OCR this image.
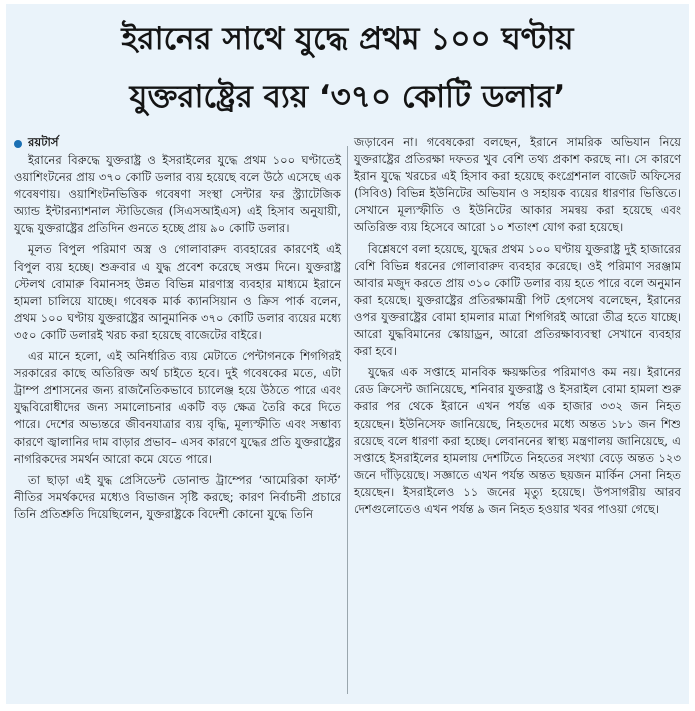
ইরানের সাথে যুদ্ধে প্রথম ১০০ ঘণ্টায়
যুক্তরাষ্ট্রের ব্যয় ‘৩৭০ কোটি ডলার’
রয়টার্স

ইরানের বিরুদ্ধে যুক্তরাষ্ট্র ও ইসরাইলের যুদ্ধে প্রথম ১০০ ঘণ্টাতেই ওয়াশিংটনের প্রায় ৩৭০ কোটি ডলার ব্যয় হয়েছে বলে উঠে এসেছে এক গবেষণায়। ওয়াশিংটনভিত্তিক গবেষণা সংস্থা সেন্টার ফর স্ট্র্যাটেজিক অ্যান্ড ইন্টারন্যাশনাল স্টাডিজের (সিএসআইএস) এই হিসাব অনুযায়ী, যুদ্ধে যুক্তরাষ্ট্রের প্রতিদিন গুনতে হচ্ছে প্রায় ৯০ কোটি ডলার।

মূলত বিপুল পরিমাণ অস্ত্র ও গোলাবারুদ ব্যবহারের কারণেই এই বিপুল ব্যয় হচ্ছে। শুক্রবার এ যুদ্ধ প্রবেশ করেছে সপ্তম দিনে। যুক্তরাষ্ট্র স্টেলথ বোমারু বিমানসহ উন্নত বিভিন্ন মারণাস্ত্র ব্যবহার মাধ্যমে ইরানে হামলা চালিয়ে যাচ্ছে। গবেষক মার্ক ক্যানসিয়ান ও ক্রিস পার্ক বলেন, প্রথম ১০০ ঘণ্টায় যুক্তরাষ্ট্রের আনুমানিক ৩৭০ কোটি ডলার ব্যয়ের মধ্যে ৩৫০ কোটি ডলারই খরচ করা হয়েছে বাজেটের বাইরে।

এর মানে হলো, এই অনির্ধারিত ব্যয় মেটাতে পেন্টাগনকে শিগগিরই সরকারের কাছে অতিরিক্ত অর্থ চাইতে হবে। দুই গবেষকের মতে, এটা ট্রাম্প প্রশাসনের জন্য রাজনৈতিকভাবে চ্যালেঞ্জ হয়ে উঠতে পারে এবং যুদ্ধবিরোধীদের জন্য সমালোচনার একটি বড় ক্ষেত্র তৈরি করে দিতে পারে। দেশের অভ্যন্তরে জীবনযাত্রার ব্যয় বৃদ্ধি, মূল্যস্ফীতি এবং সম্ভাব্য কারণে জ্বালানির দাম বাড়ার প্রভাব– এসব কারণে যুদ্ধের প্রতি যুক্তরাষ্ট্রের নাগরিকদের সমর্থন আরো কমে যেতে পারে।

তা ছাড়া এই যুদ্ধ প্রেসিডেন্ট ডোনাল্ড ট্রাম্পের ‘আমেরিকা ফার্স্ট’ নীতির সমর্থকদের মধ্যেও বিভাজন সৃষ্টি করছে; কারণ নির্বাচনী প্রচারে তিনি প্রতিশ্রুতি দিয়েছিলেন, যুক্তরাষ্ট্রকে বিদেশী কোনো যুদ্ধে তিনি

জড়াবেন না। গবেষকেরা বলছেন, ইরানে সামরিক অভিযান নিয়ে যুক্তরাষ্ট্রের প্রতিরক্ষা দফতর খুব বেশি তথ্য প্রকাশ করছে না। সে কারণে ইরান যুদ্ধে খরচের এই হিসাব করা হয়েছে কংগ্রেশনাল বাজেট অফিসের (সিবিও) বিভিন্ন ইউনিটের অভিযান ও সহায়ক ব্যয়ের ধারণার ভিত্তিতে। সেখানে মূল্যস্ফীতি ও ইউনিটের আকার সমন্বয় করা হয়েছে এবং অতিরিক্ত ব্যয় হিসেবে আরো ১০ শতাংশ যোগ করা হয়েছে।

বিশ্লেষণে বলা হয়েছে, যুদ্ধের প্রথম ১০০ ঘণ্টায় যুক্তরাষ্ট্র দুই হাজারের বেশি বিভিন্ন ধরনের গোলাবারুদ ব্যবহার করেছে। ওই পরিমাণ সরঞ্জাম আবার মজুদ করতে প্রায় ৩১০ কোটি ডলার ব্যয় হতে পারে বলে অনুমান করা হয়েছে। যুক্তরাষ্ট্রের প্রতিরক্ষামন্ত্রী পিট হেগসেথ বলেছেন, ইরানের ওপর যুক্তরাষ্ট্রের বোমা হামলার মাত্রা শিগগিরই আরো তীব্র হতে যাচ্ছে। আরো যুদ্ধবিমানের স্কোয়াড্রন, আরো প্রতিরক্ষাব্যবস্থা সেখানে ব্যবহার করা হবে।

যুদ্ধের এক সপ্তাহে মানবিক ক্ষয়ক্ষতির পরিমাণও কম নয়। ইরানের রেড ক্রিসেন্ট জানিয়েছে, শনিবার যুক্তরাষ্ট্র ও ইসরাইল বোমা হামলা শুরু করার পর থেকে ইরানে এখন পর্যন্ত এক হাজার ৩৩২ জন নিহত হয়েছেন। ইউনিসেফ জানিয়েছে, নিহতদের মধ্যে অন্তত ১৮১ জন শিশু রয়েছে বলে ধারণা করা হচ্ছে। লেবাননের স্বাস্থ্য মন্ত্রণালয় জানিয়েছে, এ সপ্তাহে ইসরাইলের হামলায় দেশটিতে নিহতের সংখ্যা বেড়ে অন্তত ১২৩ জনে দাঁড়িয়েছে। সজ্ঞাতে এখন পর্যন্ত অন্তত ছয়জন মার্কিন সেনা নিহত হয়েছেন। ইসরাইলেও ১১ জনের মৃত্যু হয়েছে। উপসাগরীয় আরব দেশগুলোতেও এখন পর্যন্ত ৯ জন নিহত হওয়ার খবর পাওয়া গেছে।
